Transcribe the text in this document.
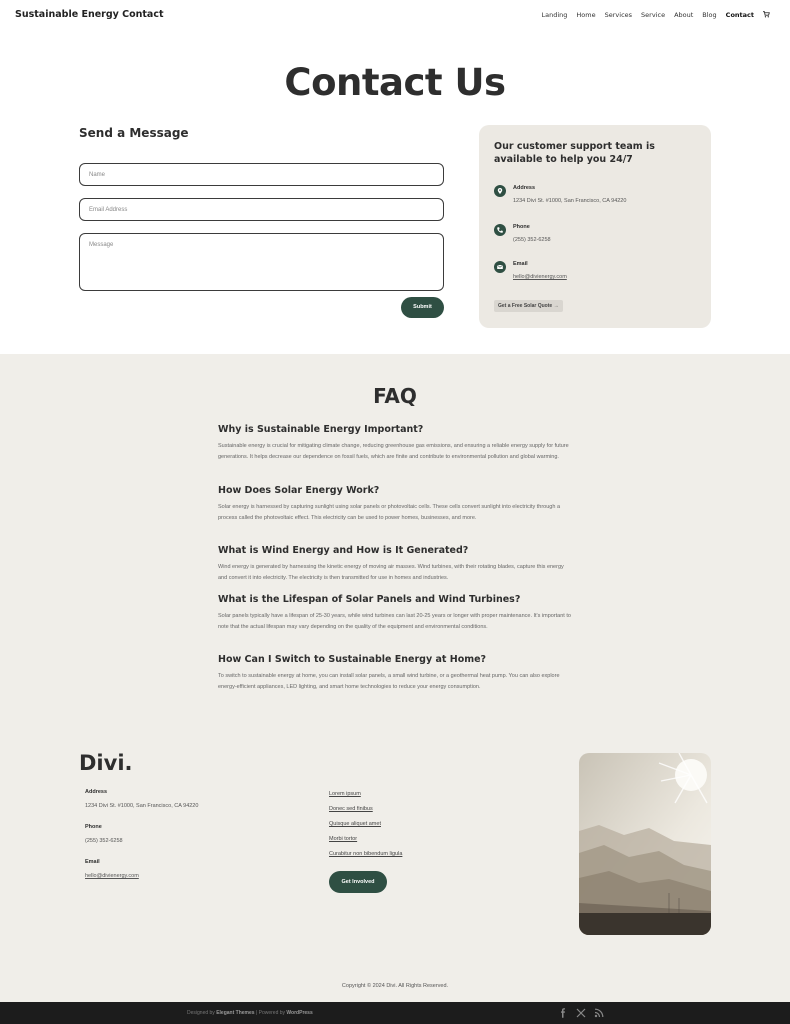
Sustainable Energy Contact	Landing Home Services Service About Blog Contact
Contact Us
Send a Message
Name
Email Address
Message
Submit
Our customer support team is available to help you 24/7
Address
1234 Divi St. #1000, San Francisco, CA 94220
Phone
(255) 352-6258
Email
hello@divienergy.com
Get a Free Solar Quote →
FAQ
Why is Sustainable Energy Important?
Sustainable energy is crucial for mitigating climate change, reducing greenhouse gas emissions, and ensuring a reliable energy supply for future generations. It helps decrease our dependence on fossil fuels, which are finite and contribute to environmental pollution and global warming.
How Does Solar Energy Work?
Solar energy is harnessed by capturing sunlight using solar panels or photovoltaic cells. These cells convert sunlight into electricity through a process called the photovoltaic effect. This electricity can be used to power homes, businesses, and more.
What is Wind Energy and How is It Generated?
Wind energy is generated by harnessing the kinetic energy of moving air masses. Wind turbines, with their rotating blades, capture this energy and convert it into electricity. The electricity is then transmitted for use in homes and industries.
What is the Lifespan of Solar Panels and Wind Turbines?
Solar panels typically have a lifespan of 25-30 years, while wind turbines can last 20-25 years or longer with proper maintenance. It's important to note that the actual lifespan may vary depending on the quality of the equipment and environmental conditions.
How Can I Switch to Sustainable Energy at Home?
To switch to sustainable energy at home, you can install solar panels, a small wind turbine, or a geothermal heat pump. You can also explore energy-efficient appliances, LED lighting, and smart home technologies to reduce your energy consumption.
Divi.
Address
1234 Divi St. #1000, San Francisco, CA 94220
Phone
(255) 352-6258
Email
hello@divienergy.com
Lorem ipsum
Donec sed finibus
Quisque aliquet amet
Morbi tortor
Curabitur non bibendum ligula
Get Involved
Copyright © 2024 Divi. All Rights Reserved.
Designed by Elegant Themes | Powered by WordPress
